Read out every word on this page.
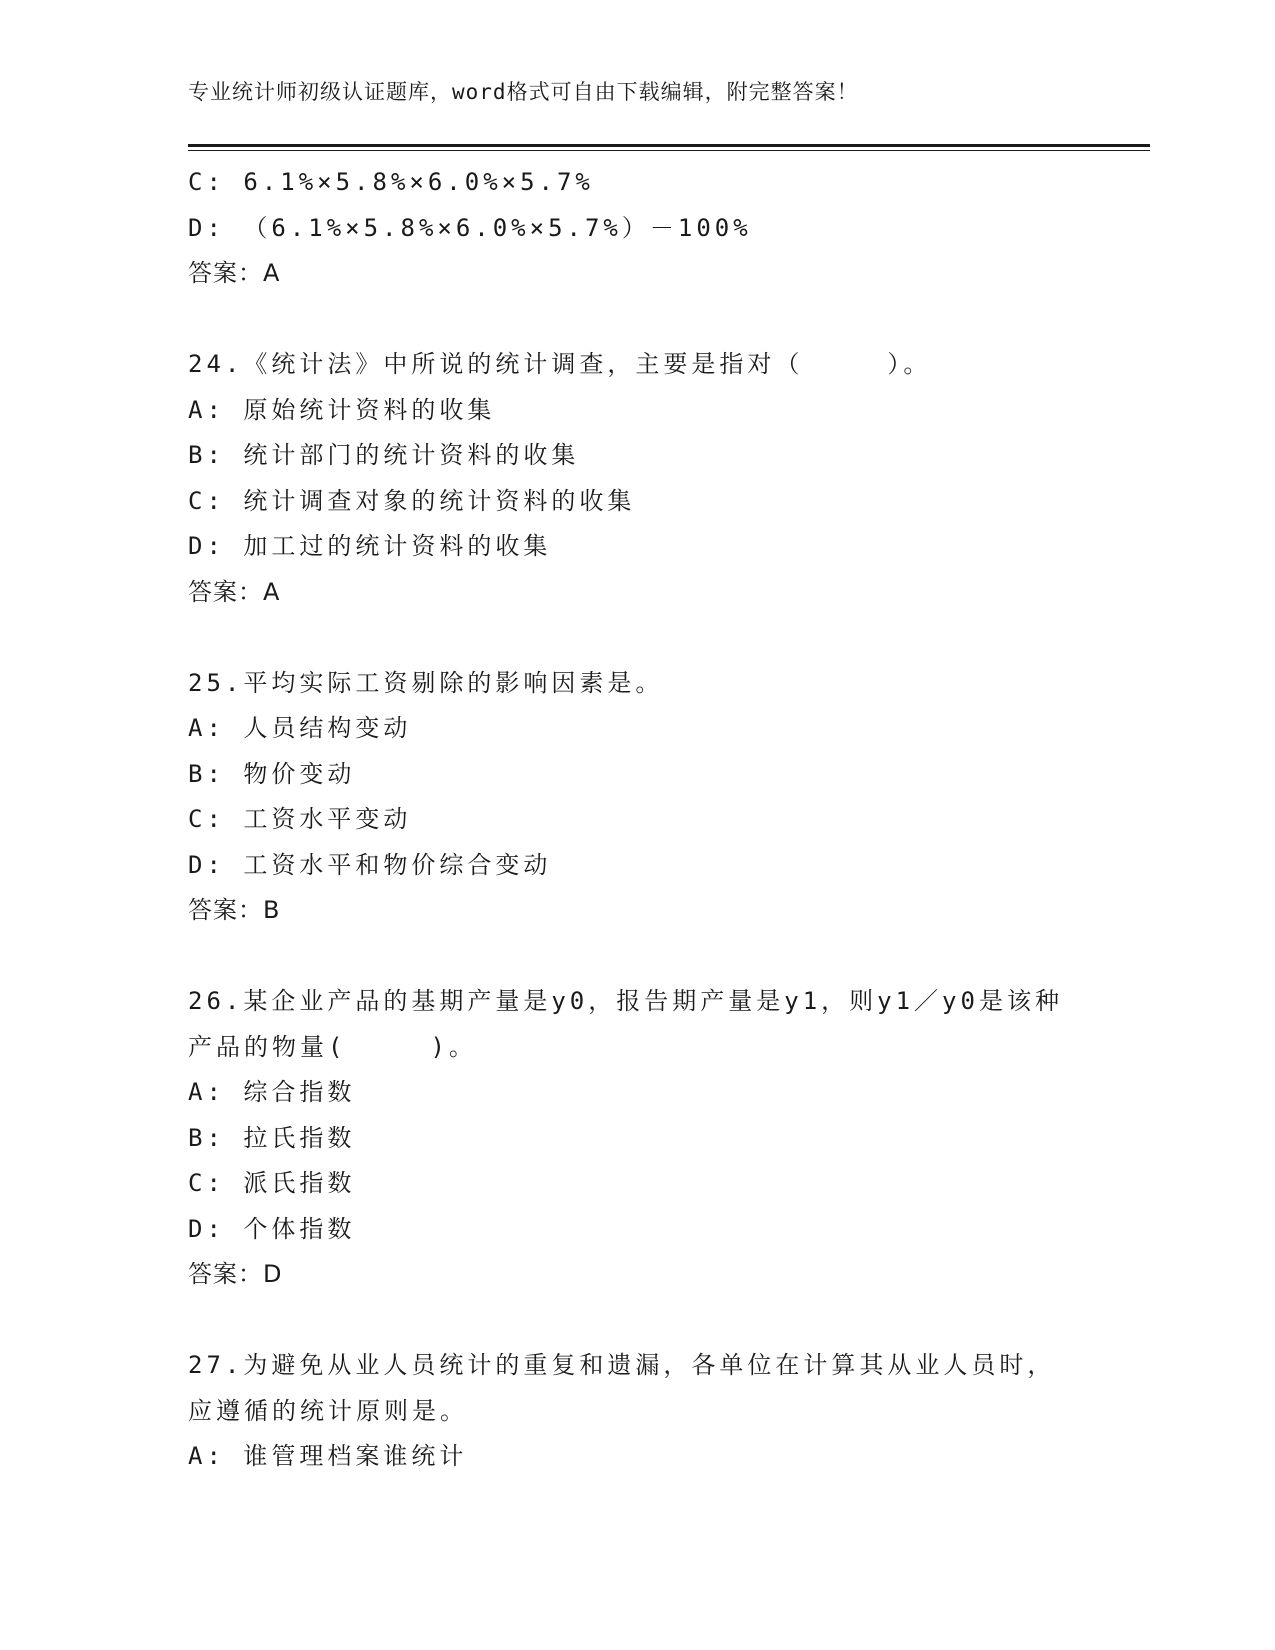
专业统计师初级认证题库，word格式可自由下载编辑，附完整答案！
C: 6.1%×5.8%×6.0%×5.7%
D: （6.1%×5.8%×6.0%×5.7%）－100%
答案：A
24.《统计法》中所说的统计调查，主要是指对（　　　）。
A: 原始统计资料的收集
B: 统计部门的统计资料的收集
C: 统计调查对象的统计资料的收集
D: 加工过的统计资料的收集
答案：A
25.平均实际工资剔除的影响因素是。
A: 人员结构变动
B: 物价变动
C: 工资水平变动
D: 工资水平和物价综合变动
答案：B
26.某企业产品的基期产量是y0，报告期产量是y1，则y1／y0是该种
产品的物量(　　　)。
A: 综合指数
B: 拉氏指数
C: 派氏指数
D: 个体指数
答案：D
27.为避免从业人员统计的重复和遗漏，各单位在计算其从业人员时，
应遵循的统计原则是。
A: 谁管理档案谁统计
